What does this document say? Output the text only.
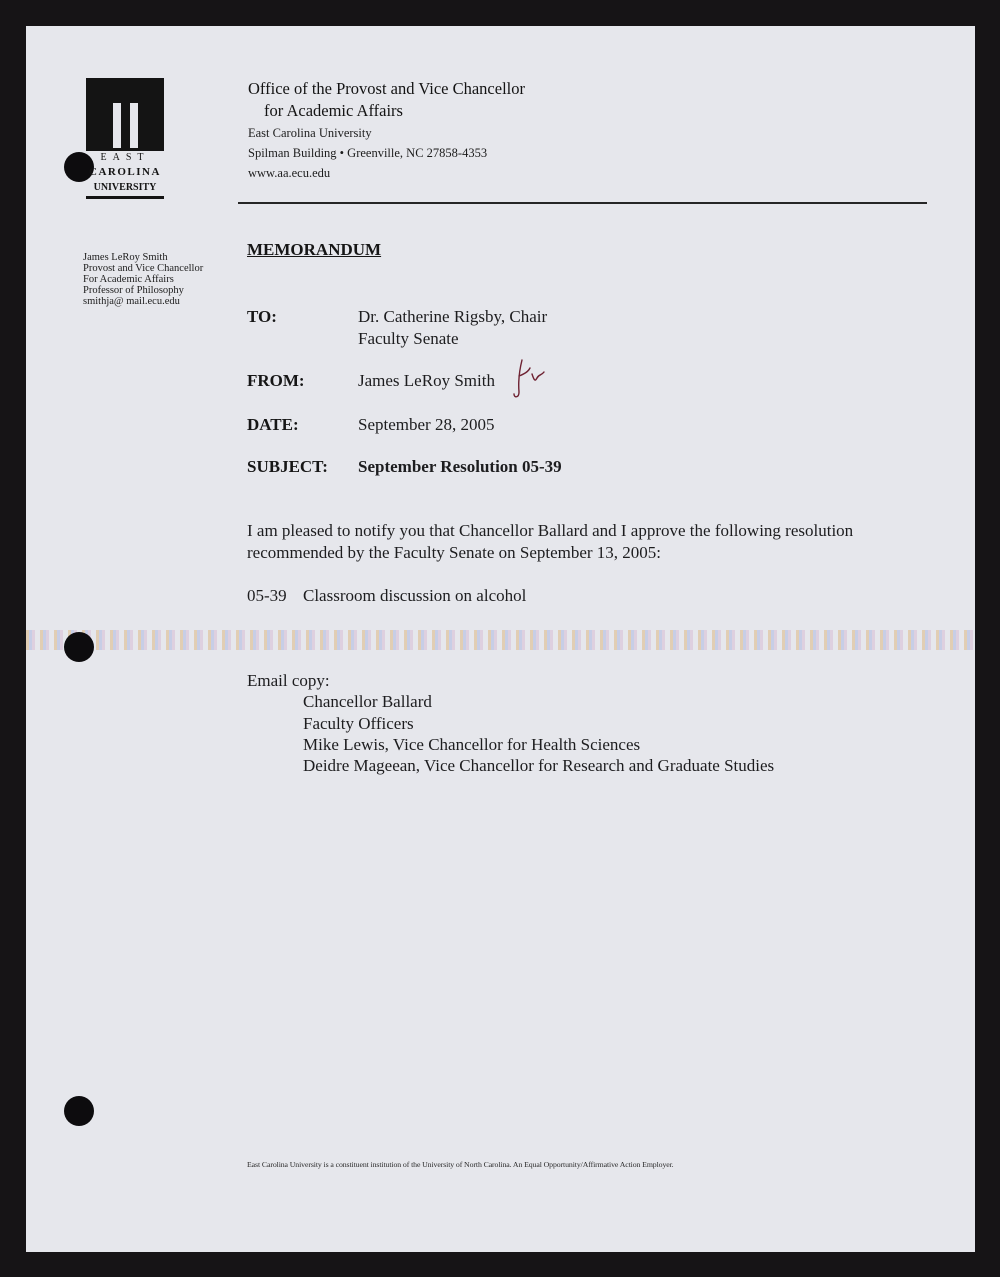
EAST
CAROLINA
UNIVERSITY
Office of the Provost and Vice Chancellor
for Academic Affairs
East Carolina University
Spilman Building • Greenville, NC 27858-4353
www.aa.ecu.edu
James LeRoy Smith
Provost and Vice Chancellor
For Academic Affairs
Professor of Philosophy
smithja@ mail.ecu.edu
MEMORANDUM
TO:	Dr. Catherine Rigsby, Chair
Faculty Senate
FROM:	James LeRoy Smith
DATE:	September 28, 2005
SUBJECT: September Resolution 05-39
I am pleased to notify you that Chancellor Ballard and I approve the following resolution
recommended by the Faculty Senate on September 13, 2005:
05-39 Classroom discussion on alcohol
Email copy:
Chancellor Ballard
Faculty Officers
Mike Lewis, Vice Chancellor for Health Sciences
Deidre Mageean, Vice Chancellor for Research and Graduate Studies
East Carolina University is a constituent institution of the University of North Carolina. An Equal Opportunity/Affirmative Action Employer.
